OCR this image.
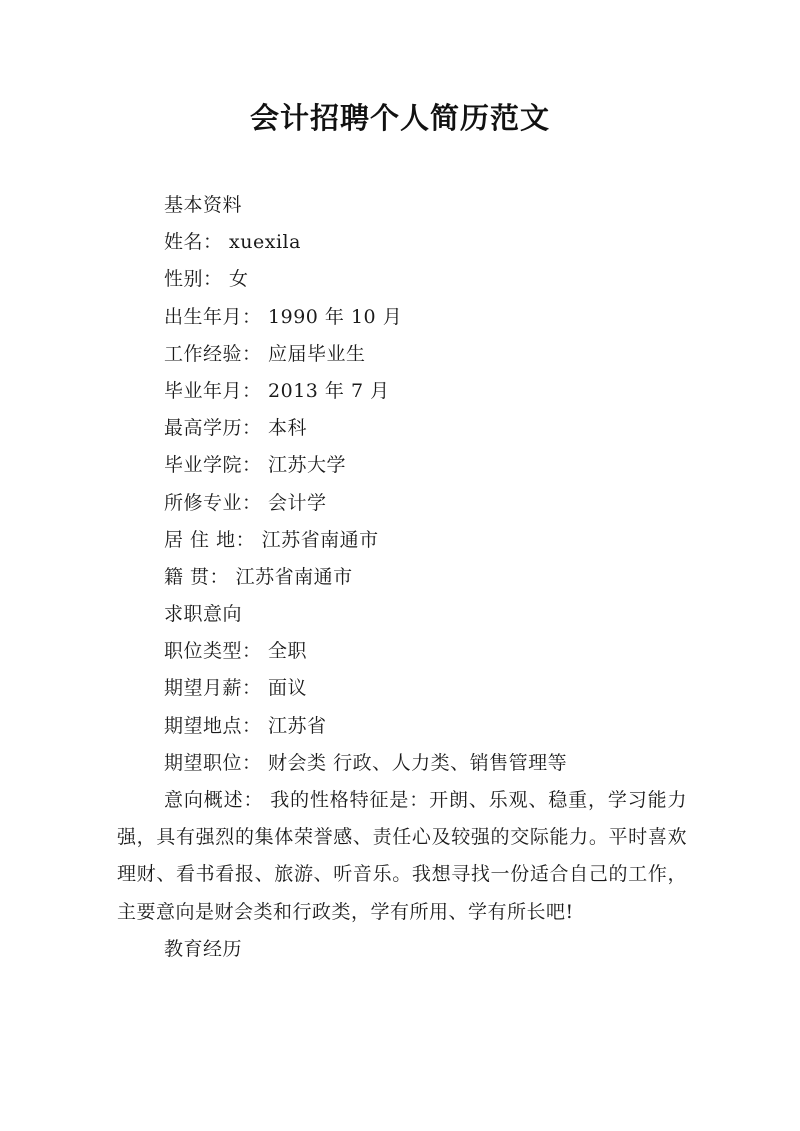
会计招聘个人简历范文
基本资料
姓名： xuexila
性别： 女
出生年月： 1990 年 10 月
工作经验： 应届毕业生
毕业年月： 2013 年 7 月
最高学历： 本科
毕业学院： 江苏大学
所修专业： 会计学
居 住 地： 江苏省南通市
籍 贯： 江苏省南通市
求职意向
职位类型： 全职
期望月薪： 面议
期望地点： 江苏省
期望职位： 财会类 行政、人力类、销售管理等
意向概述： 我的性格特征是：开朗、乐观、稳重，学习能力强，具有强烈的集体荣誉感、责任心及较强的交际能力。平时喜欢理财、看书看报、旅游、听音乐。我想寻找一份适合自己的工作，主要意向是财会类和行政类，学有所用、学有所长吧!
教育经历
